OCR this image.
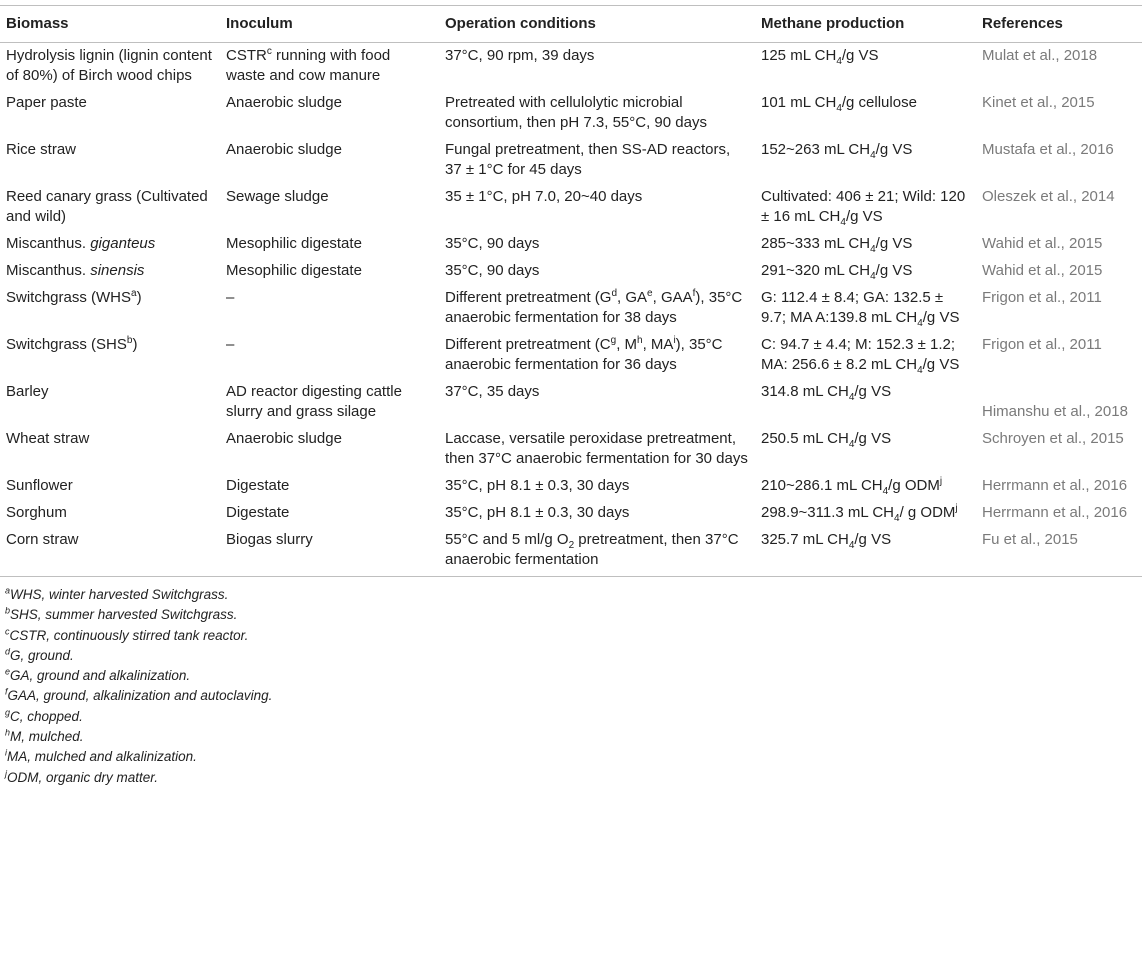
Biomass	Inoculum	Operation conditions	Methane production	References
Hydrolysis lignin (lignin content of 80%) of Birch wood chips	CSTR$^c$ running with food waste and cow manure	37°C, 90 rpm, 39 days	125 mL $CH_4/g$ VS	Mulat et al., 2018
Paper paste	Anaerobic sludge	Pretreated with cellulolytic microbial consortium, then pH 7.3, 55°C, 90 days	101 mL $CH_4/g$ cellulose	Kinet et al., 2015
Rice straw	Anaerobic sludge	Fungal pretreatment, then SS-AD reactors, 37 ± 1°C for 45 days	152~263 mL $CH_4/g$ VS	Mustafa et al., 2016
Reed canary grass (Cultivated and wild)	Sewage sludge	35 ± 1°C, pH 7.0, 20~40 days	Cultivated: 406 ± 21; Wild: 120 ± 16 mL $CH_4/g$ VS	Oleszek et al., 2014
Miscanthus. giganteus	Mesophilic digestate	35°C, 90 days	285~333 mL $CH_4/g$ VS	Wahid et al., 2015
Miscanthus. sinensis	Mesophilic digestate	35°C, 90 days	291~320 mL $CH_4/g$ VS	Wahid et al., 2015
Switchgrass (WHS$^a$)	–	Different pretreatment ($G^d$, $GA^e$, GAA$^f$), 35°C anaerobic fermentation for 38 days	G: 112.4 ± 8.4; GA: 132.5 ± 9.7; MA A:139.8 mL $CH_4/g$ VS	Frigon et al., 2011
Switchgrass (SHS$^b$)	–	Different pretreatment ($C^g$, $M^h$, $MA^i$), 35°C anaerobic fermentation for 36 days	C: 94.7 ± 4.4; M: 152.3 ± 1.2; MA: 256.6 ± 8.2 mL $CH_4/g$ VS	Frigon et al., 2011
Barley	AD reactor digesting cattle slurry and grass silage	37°C, 35 days	314.8 mL $CH_4/g$ VS	Himanshu et al., 2018
Wheat straw	Anaerobic sludge	Laccase, versatile peroxidase pretreatment, then 37°C anaerobic fermentation for 30 days	250.5 mL $CH_4/g$ VS	Schroyen et al., 2015
Sunflower	Digestate	35°C, pH 8.1 ± 0.3, 30 days	210~286.1 mL $CH_4/g$ ODM$^j$	Herrmann et al., 2016
Sorghum	Digestate	35°C, pH 8.1 ± 0.3, 30 days	298.9~311.3 mL $CH_4/$ g ODM$^j$	Herrmann et al., 2016
Corn straw	Biogas slurry	55°C and 5 ml/g $O_2$ pretreatment, then 37°C anaerobic fermentation	325.7 mL $CH_4/g$ VS	Fu et al., 2015
$^a$WHS, winter harvested Switchgrass.
$^b$SHS, summer harvested Switchgrass.
$^c$CSTR, continuously stirred tank reactor.
$^d$G, ground.
$^e$GA, ground and alkalinization.
$^f$GAA, ground, alkalinization and autoclaving.
$^g$C, chopped.
$^h$M, mulched.
$^i$MA, mulched and alkalinization.
$^j$ODM, organic dry matter.
